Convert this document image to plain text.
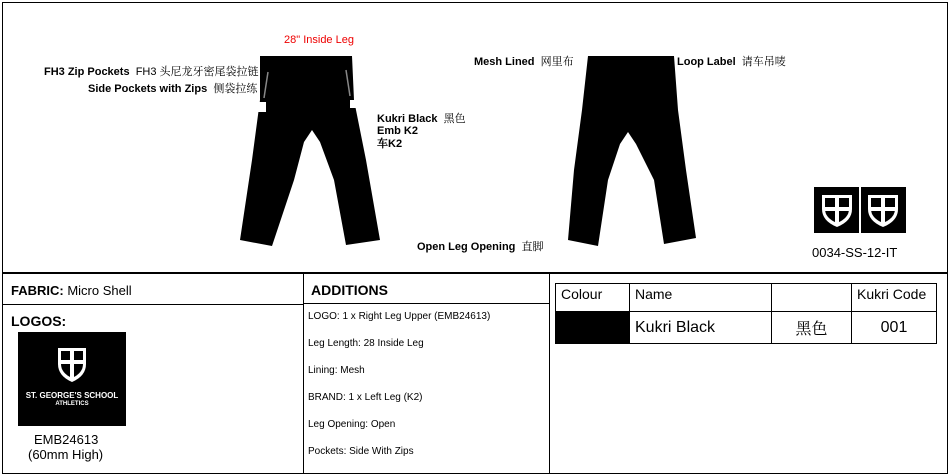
28" Inside Leg
FH3 Zip Pockets FH3 头尼龙牙密尾袋拉链
Side Pockets with Zips 侧袋拉练
Kukri Black 黑色
Emb K2
车K2
Mesh Lined 网里布	Loop Label 请车吊唛
Open Leg Opening 直脚	0034-SS-12-IT
FABRIC: Micro Shell	ADDITIONS
LOGO: 1 x Right Leg Upper (EMB24613)
Leg Length: 28 Inside Leg
Lining: Mesh
BRAND: 1 x Left Leg (K2)
Leg Opening: Open
Pockets: Side With Zips
LOGOS:
ST. GEORGE'S SCHOOL
ATHLETICS
EMB24613
(60mm High)
Colour	Name		Kukri Code
	Kukri Black	黑色	001
